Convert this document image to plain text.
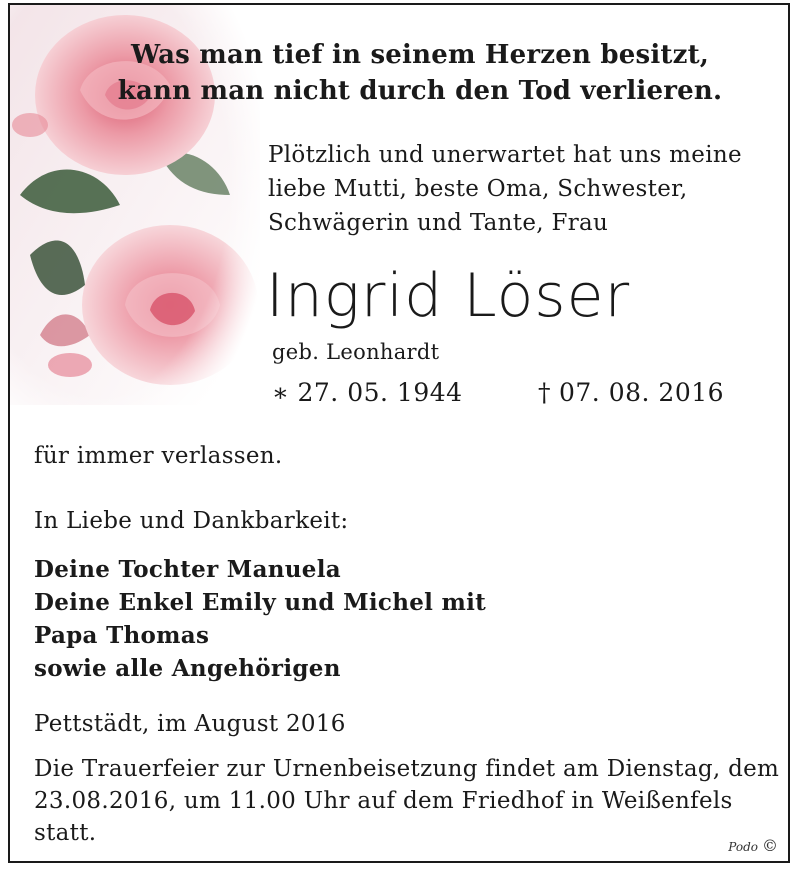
Was man tief in seinem Herzen besitzt,
kann man nicht durch den Tod verlieren.
Plötzlich und unerwartet hat uns meine
liebe Mutti, beste Oma, Schwester,
Schwägerin und Tante, Frau
Ingrid Löser
geb. Leonhardt
∗ 27. 05. 1944	† 07. 08. 2016
für immer verlassen.
In Liebe und Dankbarkeit:
Deine Tochter Manuela
Deine Enkel Emily und Michel mit
Papa Thomas
sowie alle Angehörigen
Pettstädt, im August 2016
Die Trauerfeier zur Urnenbeisetzung findet am Dienstag, dem
23.08.2016, um 11.00 Uhr auf dem Friedhof in Weißenfels
statt.
Podo ©
